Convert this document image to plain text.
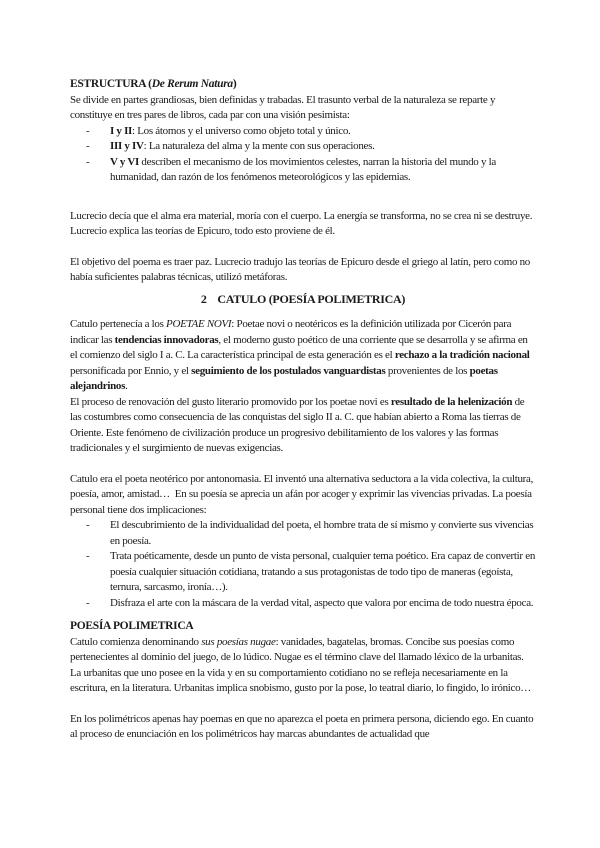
ESTRUCTURA (De Rerum Natura)
Se divide en partes grandiosas, bien definidas y trabadas. El trasunto verbal de la naturaleza se reparte y constituye en tres pares de libros, cada par con una visión pesimista:
- I y II: Los átomos y el universo como objeto total y único.
- III y IV: La naturaleza del alma y la mente con sus operaciones.
- V y VI describen el mecanismo de los movimientos celestes, narran la historia del mundo y la humanidad, dan razón de los fenómenos meteorológicos y las epidemias.
Lucrecio decía que el alma era material, moría con el cuerpo. La energía se transforma, no se crea ni se destruye. Lucrecio explica las teorías de Epicuro, todo esto proviene de él.
El objetivo del poema es traer paz. Lucrecio tradujo las teorías de Epicuro desde el griego al latín, pero como no había suficientes palabras técnicas, utilizó metáforas.
2    CATULO (POESÍA POLIMETRICA)
Catulo pertenecía a los POETAE NOVI: Poetae novi o neotéricos es la definición utilizada por Cicerón para indicar las tendencias innovadoras, el moderno gusto poético de una corriente que se desarrolla y se afirma en el comienzo del siglo I a. C. La característica principal de esta generación es el rechazo a la tradición nacional personificada por Ennio, y el seguimiento de los postulados vanguardistas provenientes de los poetas alejandrinos.
El proceso de renovación del gusto literario promovido por los poetae novi es resultado de la helenización de las costumbres como consecuencia de las conquistas del siglo II a. C. que habían abierto a Roma las tierras de Oriente. Este fenómeno de civilización produce un progresivo debilitamiento de los valores y las formas tradicionales y el surgimiento de nuevas exigencias.
Catulo era el poeta neotérico por antonomasia. El inventó una alternativa seductora a la vida colectiva, la cultura, poesía, amor, amistad…  En su poesía se aprecia un afán por acoger y exprimir las vivencias privadas. La poesía personal tiene dos implicaciones:
- El descubrimiento de la individualidad del poeta, el hombre trata de sí mismo y convierte sus vivencias en poesía.
- Trata poéticamente, desde un punto de vista personal, cualquier tema poético. Era capaz de convertir en poesía cualquier situación cotidiana, tratando a sus protagonistas de todo tipo de maneras (egoísta, ternura, sarcasmo, ironía…).
- Disfraza el arte con la máscara de la verdad vital, aspecto que valora por encima de todo nuestra época.
POESÍA POLIMETRICA
Catulo comienza denominando sus poesías nugae: vanidades, bagatelas, bromas. Concibe sus poesías como pertenecientes al dominio del juego, de lo lúdico. Nugae es el término clave del llamado léxico de la urbanitas. La urbanitas que uno posee en la vida y en su comportamiento cotidiano no se refleja necesariamente en la escritura, en la literatura. Urbanitas implica snobismo, gusto por la pose, lo teatral diario, lo fingido, lo irónico…
En los polimétricos apenas hay poemas en que no aparezca el poeta en primera persona, diciendo ego. En cuanto al proceso de enunciación en los polimétricos hay marcas abundantes de actualidad que
